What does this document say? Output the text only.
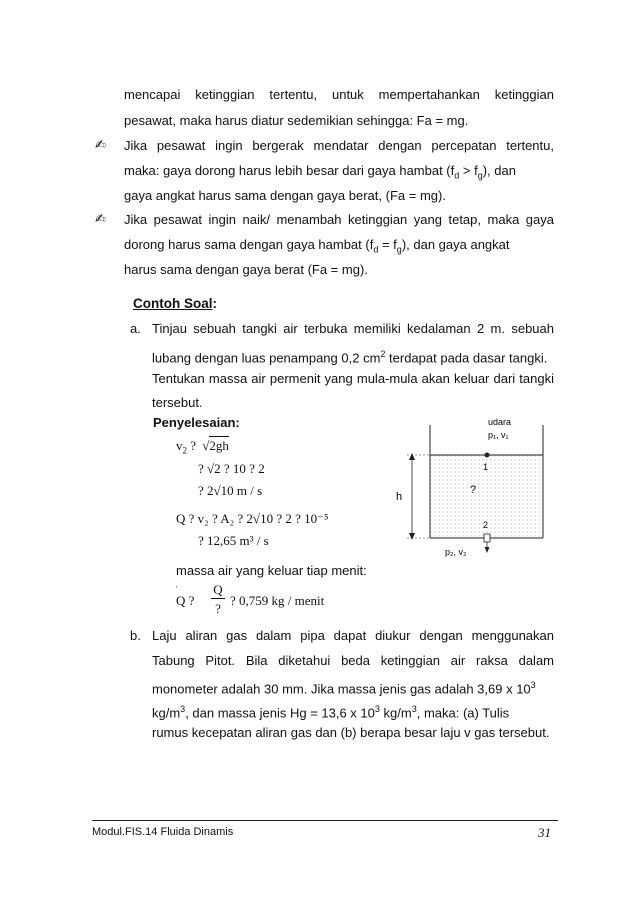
mencapai ketinggian tertentu, untuk mempertahankan ketinggian
pesawat, maka harus diatur sedemikian sehingga: Fa = mg.
✍ Jika pesawat ingin bergerak mendatar dengan percepatan tertentu,
maka: gaya dorong harus lebih besar dari gaya hambat $(f_d > f_g)$, dan
gaya angkat harus sama dengan gaya berat, (Fa = mg).
✍ Jika pesawat ingin naik/ menambah ketinggian yang tetap, maka gaya
dorong harus sama dengan gaya hambat $(f_d = f_g)$, dan gaya angkat
harus sama dengan gaya berat (Fa = mg).
Contoh Soal:
a. Tinjau sebuah tangki air terbuka memiliki kedalaman 2 m. sebuah
lubang dengan luas penampang 0,2 $cm^2$ terdapat pada dasar tangki.
Tentukan massa air permenit yang mula-mula akan keluar dari tangki
tersebut.
Penyelesaian:
$v_2$ ? √2gh
? √2 ? 10 ? 2
? 2√10 m / s
Q ? v₂ ? A₂ ? 2√10 ? 2 ? 10⁻⁵
? 12,65 m³ / s
massa air yang keluar tiap menit:
'
Q ?
Q
?
? 0,759 kg / menit
b. Laju aliran gas dalam pipa dapat diukur dengan menggunakan
Tabung Pitot. Bila diketahui beda ketinggian air raksa dalam
monometer adalah 30 mm. Jika massa jenis gas adalah 3,69 x $10^3$
$kg/m^3$, dan massa jenis Hg = 13,6 x $10^3$ $kg/m^3$, maka: (a) Tulis
rumus kecepatan aliran gas dan (b) berapa besar laju v gas tersebut.
udara
p₁, v₁
1
h
?
2
p₂, v₂
Modul.FIS.14 Fluida Dinamis	31
